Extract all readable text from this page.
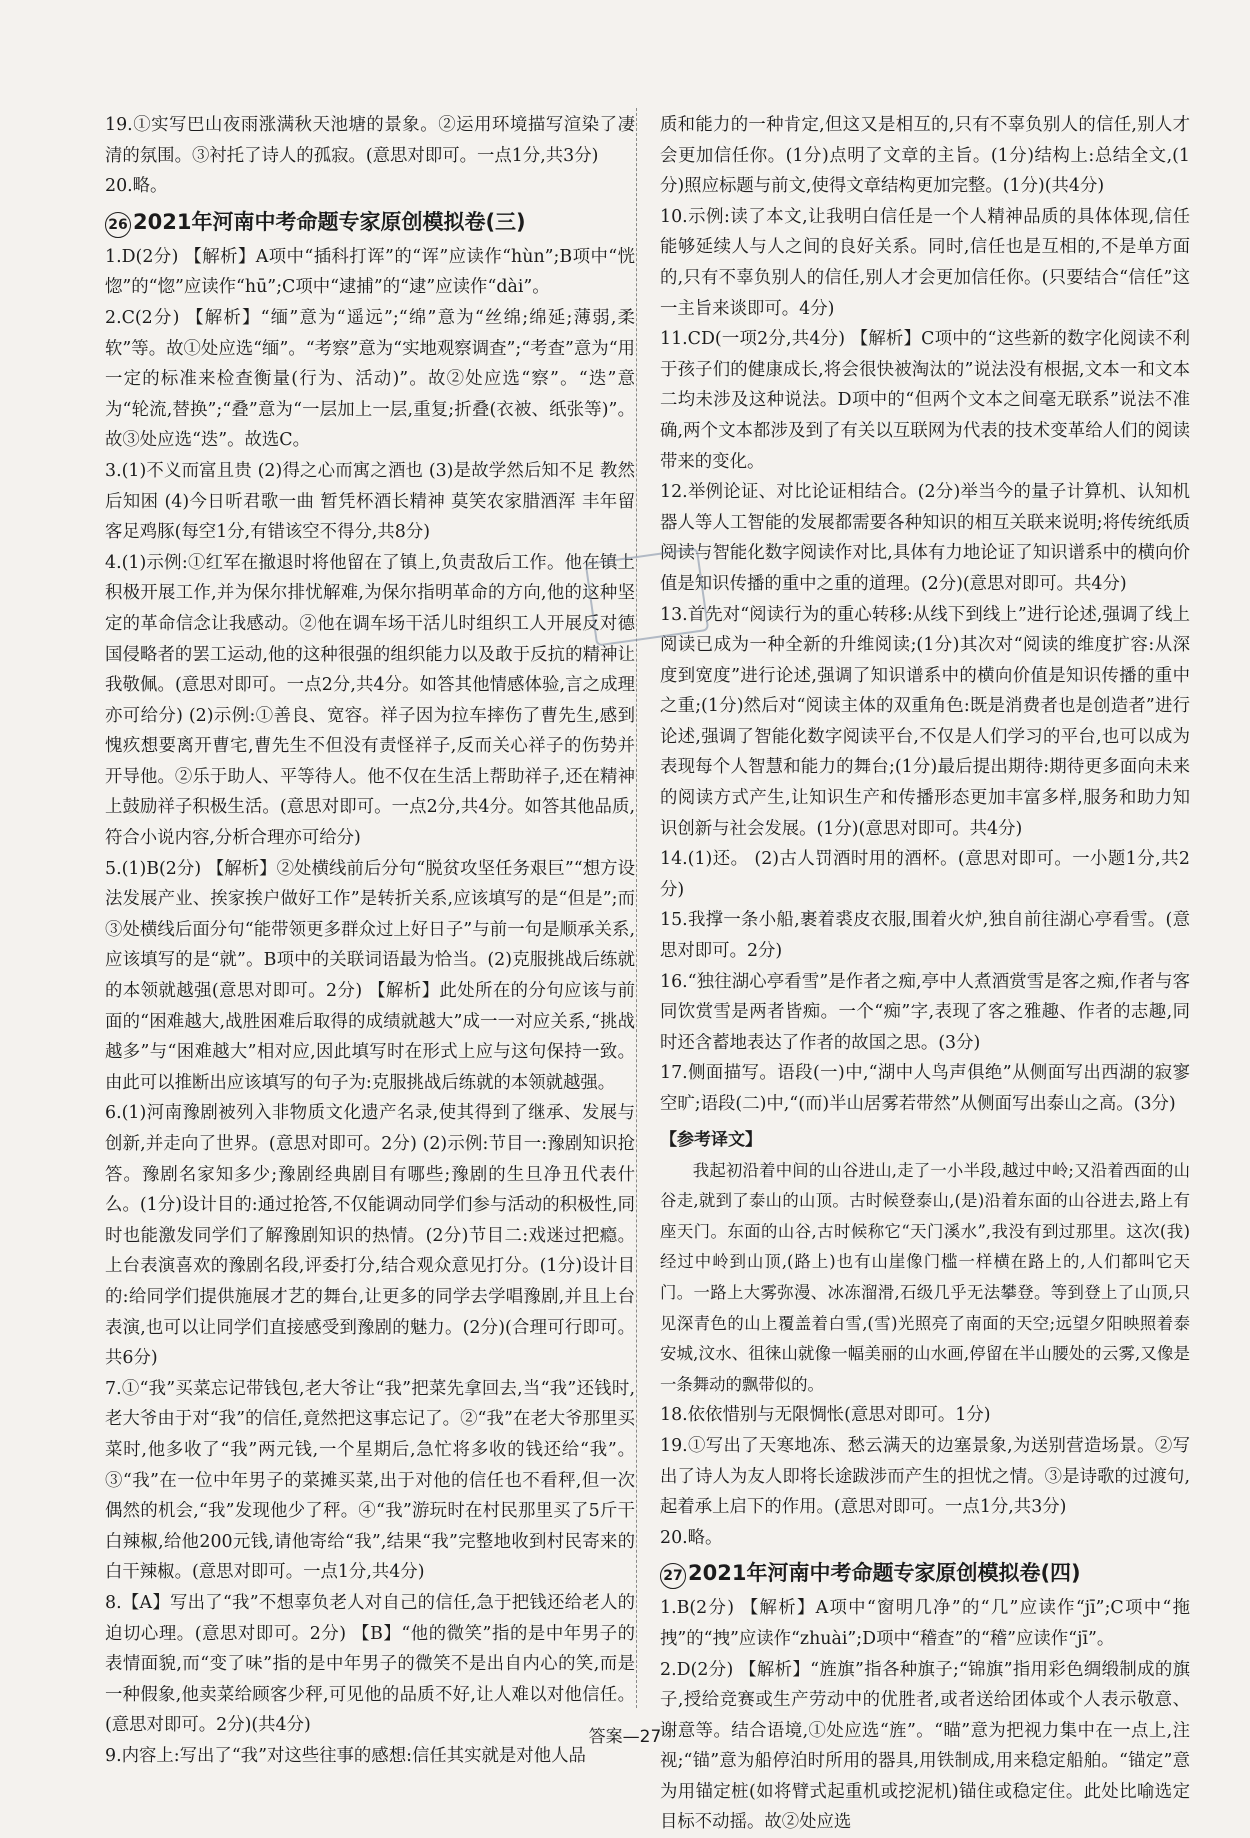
19.①实写巴山夜雨涨满秋天池塘的景象。②运用环境描写渲染了凄清的氛围。③衬托了诗人的孤寂。(意思对即可。一点1分,共3分)

20.略。

26 2021年河南中考命题专家原创模拟卷(三)

1.D(2分) 【解析】A项中“插科打诨”的“诨”应读作“hùn”;B项中“恍惚”的“惚”应读作“hū”;C项中“逮捕”的“逮”应读作“dài”。

2.C(2分) 【解析】“缅”意为“遥远”;“绵”意为“丝绵;绵延;薄弱,柔软”等。故①处应选“缅”。“考察”意为“实地观察调查”;“考查”意为“用一定的标准来检查衡量(行为、活动)”。故②处应选“察”。“迭”意为“轮流,替换”;“叠”意为“一层加上一层,重复;折叠(衣被、纸张等)”。故③处应选“迭”。故选C。

3.(1)不义而富且贵 (2)得之心而寓之酒也 (3)是故学然后知不足 教然后知困 (4)今日听君歌一曲 暂凭杯酒长精神 莫笑农家腊酒浑 丰年留客足鸡豚(每空1分,有错该空不得分,共8分)

4.(1)示例:①红军在撤退时将他留在了镇上,负责敌后工作。他在镇上积极开展工作,并为保尔排忧解难,为保尔指明革命的方向,他的这种坚定的革命信念让我感动。②他在调车场干活儿时组织工人开展反对德国侵略者的罢工运动,他的这种很强的组织能力以及敢于反抗的精神让我敬佩。(意思对即可。一点2分,共4分。如答其他情感体验,言之成理亦可给分) (2)示例:①善良、宽容。祥子因为拉车摔伤了曹先生,感到愧疚想要离开曹宅,曹先生不但没有责怪祥子,反而关心祥子的伤势并开导他。②乐于助人、平等待人。他不仅在生活上帮助祥子,还在精神上鼓励祥子积极生活。(意思对即可。一点2分,共4分。如答其他品质,符合小说内容,分析合理亦可给分)

5.(1)B(2分) 【解析】②处横线前后分句“脱贫攻坚任务艰巨”“想方设法发展产业、挨家挨户做好工作”是转折关系,应该填写的是“但是”;而③处横线后面分句“能带领更多群众过上好日子”与前一句是顺承关系,应该填写的是“就”。B项中的关联词语最为恰当。(2)克服挑战后练就的本领就越强(意思对即可。2分) 【解析】此处所在的分句应该与前面的“困难越大,战胜困难后取得的成绩就越大”成一一对应关系,“挑战越多”与“困难越大”相对应,因此填写时在形式上应与这句保持一致。由此可以推断出应该填写的句子为:克服挑战后练就的本领就越强。

6.(1)河南豫剧被列入非物质文化遗产名录,使其得到了继承、发展与创新,并走向了世界。(意思对即可。2分) (2)示例:节目一:豫剧知识抢答。豫剧名家知多少;豫剧经典剧目有哪些;豫剧的生旦净丑代表什么。(1分)设计目的:通过抢答,不仅能调动同学们参与活动的积极性,同时也能激发同学们了解豫剧知识的热情。(2分)节目二:戏迷过把瘾。上台表演喜欢的豫剧名段,评委打分,结合观众意见打分。(1分)设计目的:给同学们提供施展才艺的舞台,让更多的同学去学唱豫剧,并且上台表演,也可以让同学们直接感受到豫剧的魅力。(2分)(合理可行即可。共6分)

7.①“我”买菜忘记带钱包,老大爷让“我”把菜先拿回去,当“我”还钱时,老大爷由于对“我”的信任,竟然把这事忘记了。②“我”在老大爷那里买菜时,他多收了“我”两元钱,一个星期后,急忙将多收的钱还给“我”。③“我”在一位中年男子的菜摊买菜,出于对他的信任也不看秤,但一次偶然的机会,“我”发现他少了秤。④“我”游玩时在村民那里买了5斤干白辣椒,给他200元钱,请他寄给“我”,结果“我”完整地收到村民寄来的白干辣椒。(意思对即可。一点1分,共4分)

8.【A】写出了“我”不想辜负老人对自己的信任,急于把钱还给老人的迫切心理。(意思对即可。2分) 【B】“他的微笑”指的是中年男子的表情面貌,而“变了味”指的是中年男子的微笑不是出自内心的笑,而是一种假象,他卖菜给顾客少秤,可见他的品质不好,让人难以对他信任。(意思对即可。2分)(共4分)

9.内容上:写出了“我”对这些往事的感想:信任其实就是对他人品

质和能力的一种肯定,但这又是相互的,只有不辜负别人的信任,别人才会更加信任你。(1分)点明了文章的主旨。(1分)结构上:总结全文,(1分)照应标题与前文,使得文章结构更加完整。(1分)(共4分)

10.示例:读了本文,让我明白信任是一个人精神品质的具体体现,信任能够延续人与人之间的良好关系。同时,信任也是互相的,不是单方面的,只有不辜负别人的信任,别人才会更加信任你。(只要结合“信任”这一主旨来谈即可。4分)

11.CD(一项2分,共4分) 【解析】C项中的“这些新的数字化阅读不利于孩子们的健康成长,将会很快被淘汰的”说法没有根据,文本一和文本二均未涉及这种说法。D项中的“但两个文本之间毫无联系”说法不准确,两个文本都涉及到了有关以互联网为代表的技术变革给人们的阅读带来的变化。

12.举例论证、对比论证相结合。(2分)举当今的量子计算机、认知机器人等人工智能的发展都需要各种知识的相互关联来说明;将传统纸质阅读与智能化数字阅读作对比,具体有力地论证了知识谱系中的横向价值是知识传播的重中之重的道理。(2分)(意思对即可。共4分)

13.首先对“阅读行为的重心转移:从线下到线上”进行论述,强调了线上阅读已成为一种全新的升维阅读;(1分)其次对“阅读的维度扩容:从深度到宽度”进行论述,强调了知识谱系中的横向价值是知识传播的重中之重;(1分)然后对“阅读主体的双重角色:既是消费者也是创造者”进行论述,强调了智能化数字阅读平台,不仅是人们学习的平台,也可以成为表现每个人智慧和能力的舞台;(1分)最后提出期待:期待更多面向未来的阅读方式产生,让知识生产和传播形态更加丰富多样,服务和助力知识创新与社会发展。(1分)(意思对即可。共4分)

14.(1)还。 (2)古人罚酒时用的酒杯。(意思对即可。一小题1分,共2分)

15.我撑一条小船,裹着裘皮衣服,围着火炉,独自前往湖心亭看雪。(意思对即可。2分)

16.“独往湖心亭看雪”是作者之痴,亭中人煮酒赏雪是客之痴,作者与客同饮赏雪是两者皆痴。一个“痴”字,表现了客之雅趣、作者的志趣,同时还含蓄地表达了作者的故国之思。(3分)

17.侧面描写。语段(一)中,“湖中人鸟声俱绝”从侧面写出西湖的寂寥空旷;语段(二)中,“(而)半山居雾若带然”从侧面写出泰山之高。(3分)

【参考译文】

我起初沿着中间的山谷进山,走了一小半段,越过中岭;又沿着西面的山谷走,就到了泰山的山顶。古时候登泰山,(是)沿着东面的山谷进去,路上有座天门。东面的山谷,古时候称它“天门溪水”,我没有到过那里。这次(我)经过中岭到山顶,(路上)也有山崖像门槛一样横在路上的,人们都叫它天门。一路上大雾弥漫、冰冻溜滑,石级几乎无法攀登。等到登上了山顶,只见深青色的山上覆盖着白雪,(雪)光照亮了南面的天空;远望夕阳映照着泰安城,汶水、徂徕山就像一幅美丽的山水画,停留在半山腰处的云雾,又像是一条舞动的飘带似的。

18.依依惜别与无限惆怅(意思对即可。1分)

19.①写出了天寒地冻、愁云满天的边塞景象,为送别营造场景。②写出了诗人为友人即将长途跋涉而产生的担忧之情。③是诗歌的过渡句,起着承上启下的作用。(意思对即可。一点1分,共3分)

20.略。

27 2021年河南中考命题专家原创模拟卷(四)

1.B(2分) 【解析】A项中“窗明几净”的“几”应读作“jī”;C项中“拖拽”的“拽”应读作“zhuài”;D项中“稽查”的“稽”应读作“jī”。

2.D(2分) 【解析】“旌旗”指各种旗子;“锦旗”指用彩色绸缎制成的旗子,授给竞赛或生产劳动中的优胜者,或者送给团体或个人表示敬意、谢意等。结合语境,①处应选“旌”。“瞄”意为把视力集中在一点上,注视;“锚”意为船停泊时所用的器具,用铁制成,用来稳定船舶。“锚定”意为用锚定桩(如将臂式起重机或挖泥机)锚住或稳定住。此处比喻选定目标不动摇。故②处应选

答案—27
